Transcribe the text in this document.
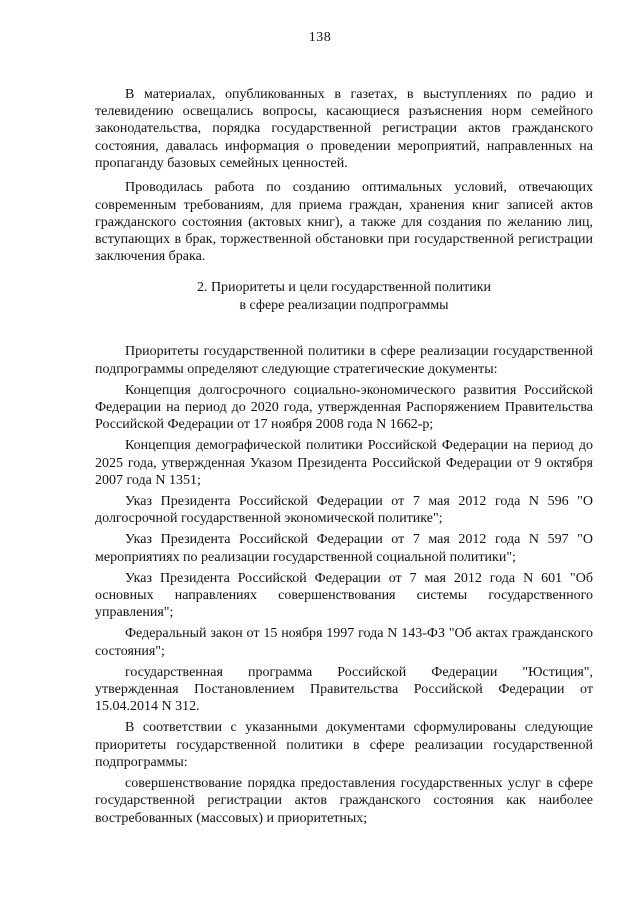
138

В материалах, опубликованных в газетах, в выступлениях по радио и телевидению освещались вопросы, касающиеся разъяснения норм семейного законодательства, порядка государственной регистрации актов гражданского состояния, давалась информация о проведении мероприятий, направленных на пропаганду базовых семейных ценностей.

Проводилась работа по созданию оптимальных условий, отвечающих современным требованиям, для приема граждан, хранения книг записей актов гражданского состояния (актовых книг), а также для создания по желанию лиц, вступающих в брак, торжественной обстановки при государственной регистрации заключения брака.

2. Приоритеты и цели государственной политики
в сфере реализации подпрограммы

Приоритеты государственной политики в сфере реализации государственной подпрограммы определяют следующие стратегические документы:

Концепция долгосрочного социально-экономического развития Российской Федерации на период до 2020 года, утвержденная Распоряжением Правительства Российской Федерации от 17 ноября 2008 года N 1662-р;

Концепция демографической политики Российской Федерации на период до 2025 года, утвержденная Указом Президента Российской Федерации от 9 октября 2007 года N 1351;

Указ Президента Российской Федерации от 7 мая 2012 года N 596 "О долгосрочной государственной экономической политике";

Указ Президента Российской Федерации от 7 мая 2012 года N 597 "О мероприятиях по реализации государственной социальной политики";

Указ Президента Российской Федерации от 7 мая 2012 года N 601 "Об основных направлениях совершенствования системы государственного управления";

Федеральный закон от 15 ноября 1997 года N 143-ФЗ "Об актах гражданского состояния";

государственная программа Российской Федерации "Юстиция", утвержденная Постановлением Правительства Российской Федерации от 15.04.2014 N 312.

В соответствии с указанными документами сформулированы следующие приоритеты государственной политики в сфере реализации государственной подпрограммы:

совершенствование порядка предоставления государственных услуг в сфере государственной регистрации актов гражданского состояния как наиболее востребованных (массовых) и приоритетных;
